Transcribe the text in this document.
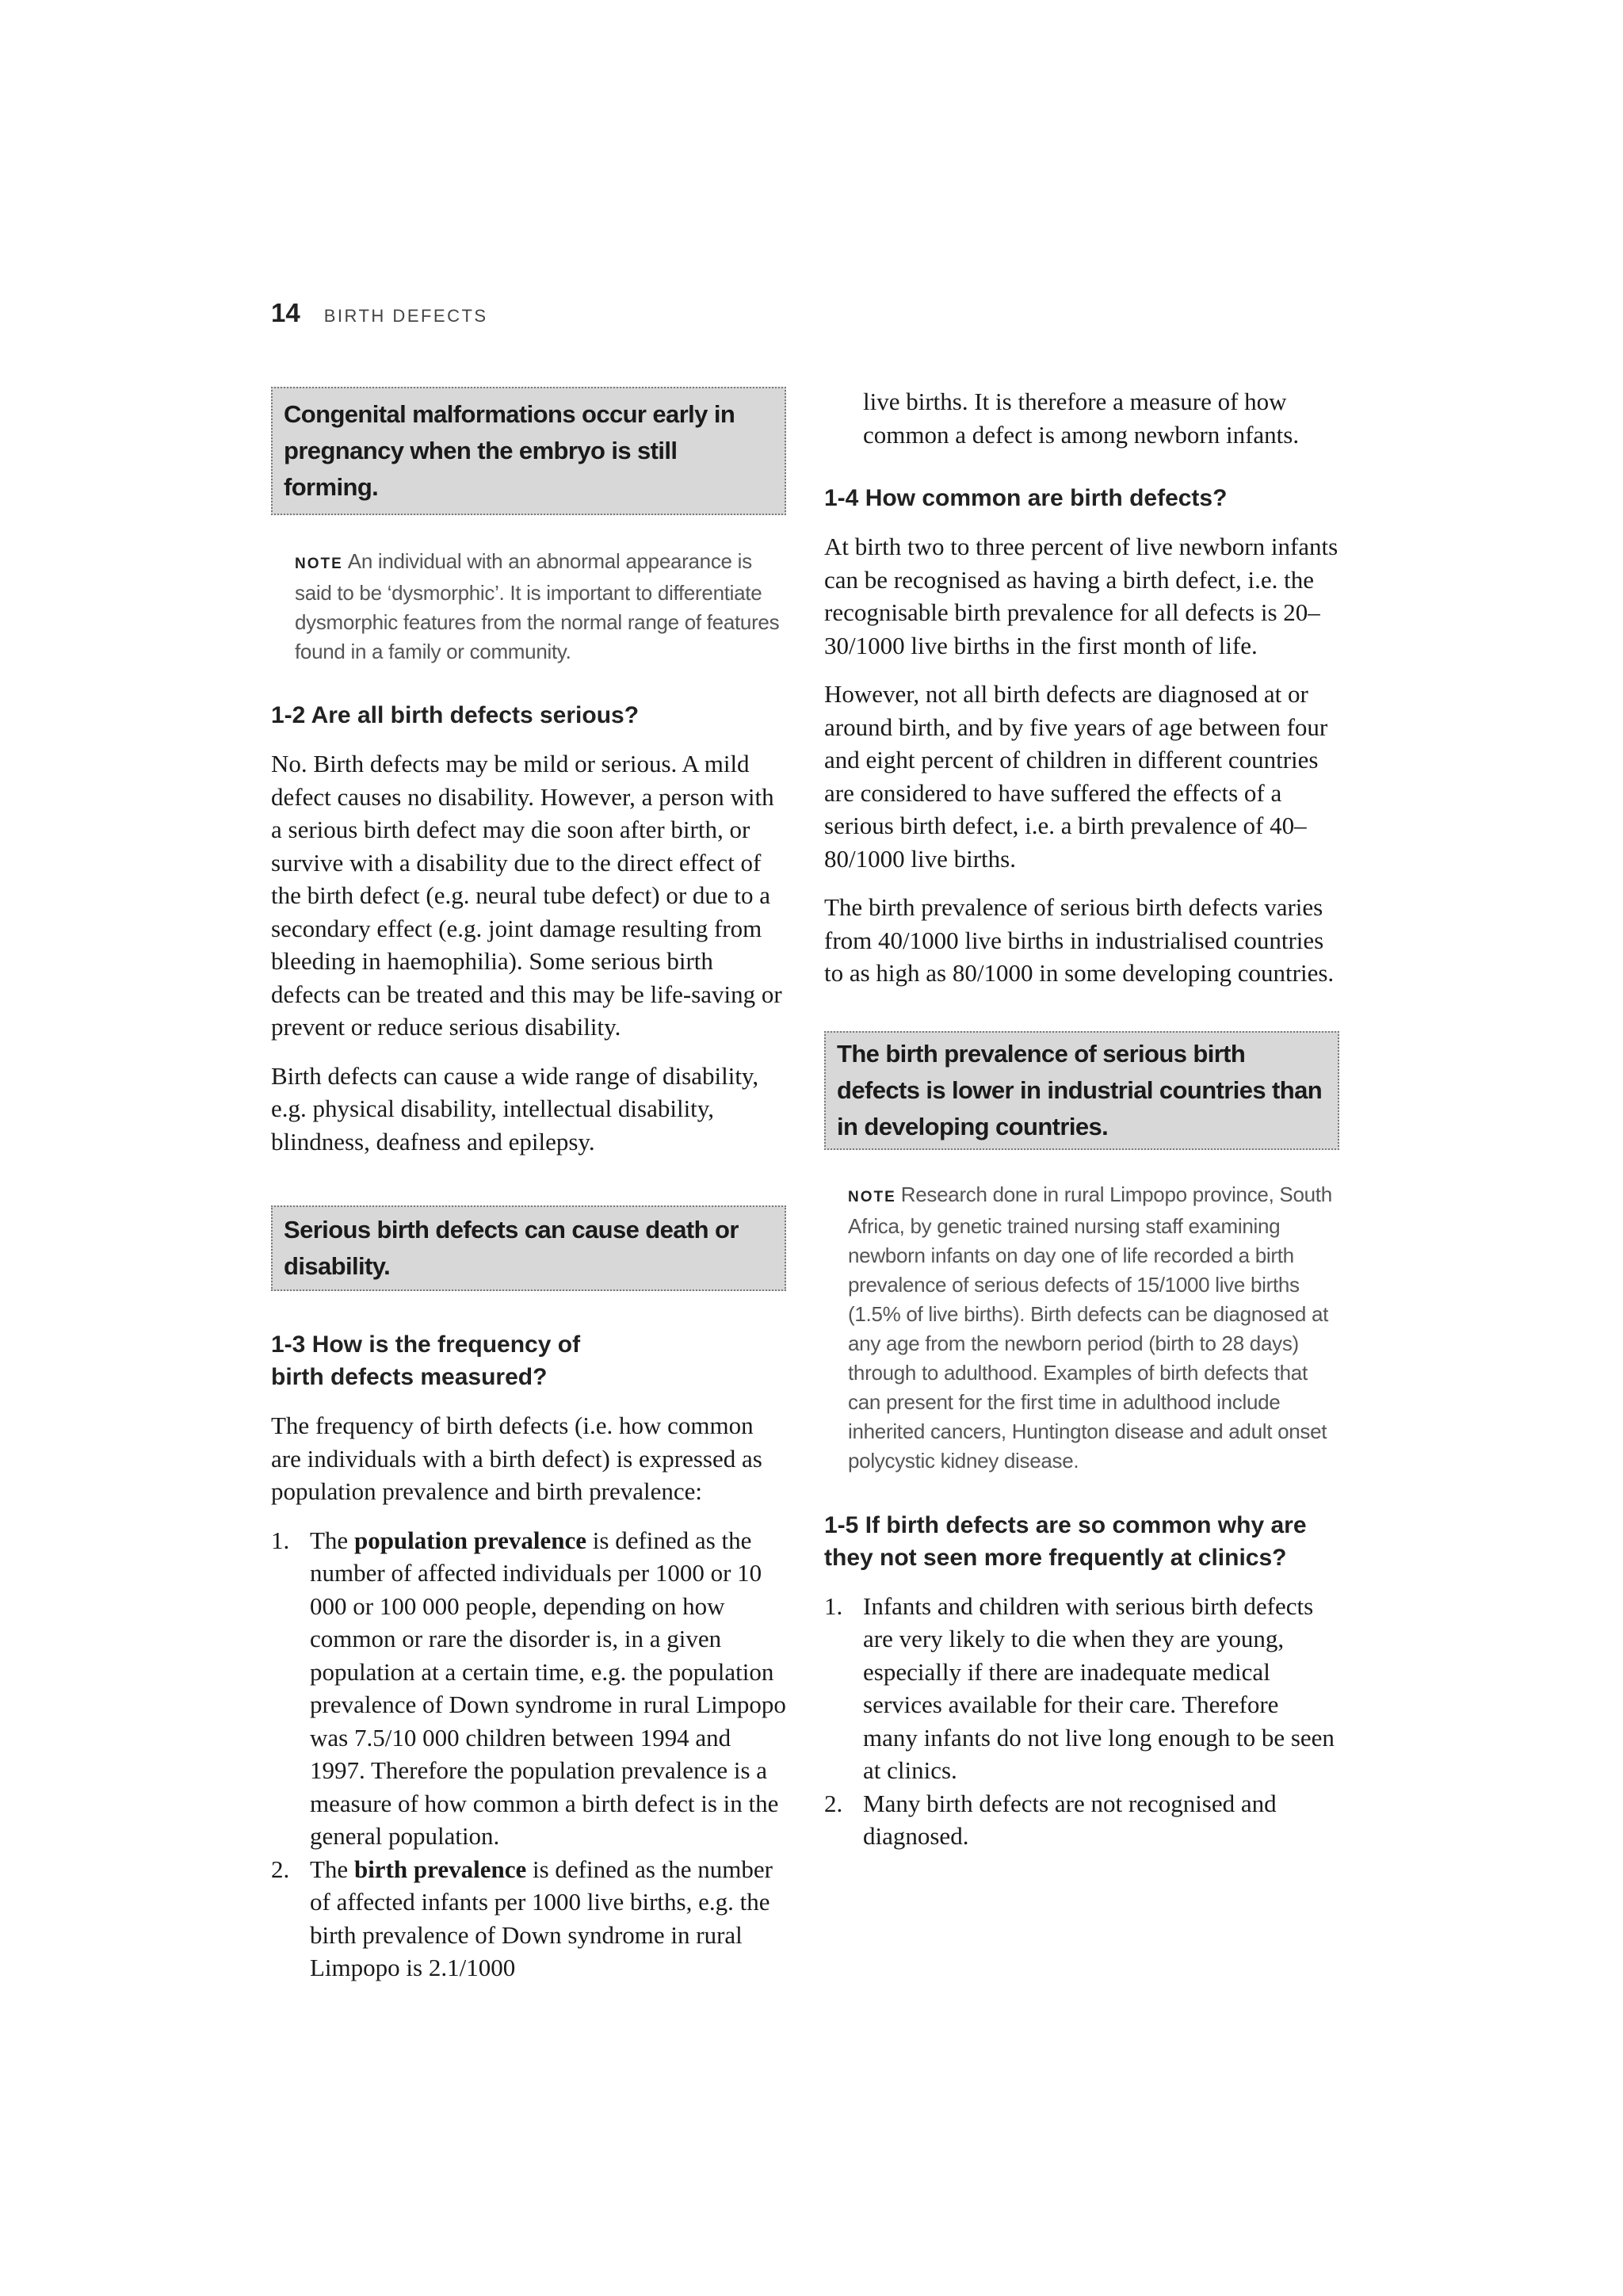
14 BIRTH DEFECTS
Congenital malformations occur early in pregnancy when the embryo is still forming.
NOTE An individual with an abnormal appearance is said to be ‘dysmorphic’. It is important to differentiate dysmorphic features from the normal range of features found in a family or community.
1-2 Are all birth defects serious?

No. Birth defects may be mild or serious. A mild defect causes no disability. However, a person with a serious birth defect may die soon after birth, or survive with a disability due to the direct effect of the birth defect (e.g. neural tube defect) or due to a secondary effect (e.g. joint damage resulting from bleeding in haemophilia). Some serious birth defects can be treated and this may be life-saving or prevent or reduce serious disability.

Birth defects can cause a wide range of disability, e.g. physical disability, intellectual disability, blindness, deafness and epilepsy.

Serious birth defects can cause death or disability.
1-3 How is the frequency of
birth defects measured?

The frequency of birth defects (i.e. how common are individuals with a birth defect) is expressed as population prevalence and birth prevalence:

1. The population prevalence is defined as the number of affected individuals per 1000 or 10 000 or 100 000 people, depending on how common or rare the disorder is, in a given population at a certain time, e.g. the population prevalence of Down syndrome in rural Limpopo was 7.5/10 000 children between 1994 and 1997. Therefore the population prevalence is a measure of how common a birth defect is in the general population.
2. The birth prevalence is defined as the number of affected infants per 1000 live births, e.g. the birth prevalence of Down syndrome in rural Limpopo is 2.1/1000

live births. It is therefore a measure of how common a defect is among newborn infants.

1-4 How common are birth defects?

At birth two to three percent of live newborn infants can be recognised as having a birth defect, i.e. the recognisable birth prevalence for all defects is 20–30/1000 live births in the first month of life.

However, not all birth defects are diagnosed at or around birth, and by five years of age between four and eight percent of children in different countries are considered to have suffered the effects of a serious birth defect, i.e. a birth prevalence of 40–80/1000 live births.

The birth prevalence of serious birth defects varies from 40/1000 live births in industrialised countries to as high as 80/1000 in some developing countries.

The birth prevalence of serious birth defects is lower in industrial countries than in developing countries.
NOTE Research done in rural Limpopo province, South Africa, by genetic trained nursing staff examining newborn infants on day one of life recorded a birth prevalence of serious defects of 15/1000 live births (1.5% of live births). Birth defects can be diagnosed at any age from the newborn period (birth to 28 days) through to adulthood. Examples of birth defects that can present for the first time in adulthood include inherited cancers, Huntington disease and adult onset polycystic kidney disease.
1-5 If birth defects are so common why are
they not seen more frequently at clinics?
1. Infants and children with serious birth defects are very likely to die when they are young, especially if there are inadequate medical services available for their care. Therefore many infants do not live long enough to be seen at clinics.
2. Many birth defects are not recognised and diagnosed.
